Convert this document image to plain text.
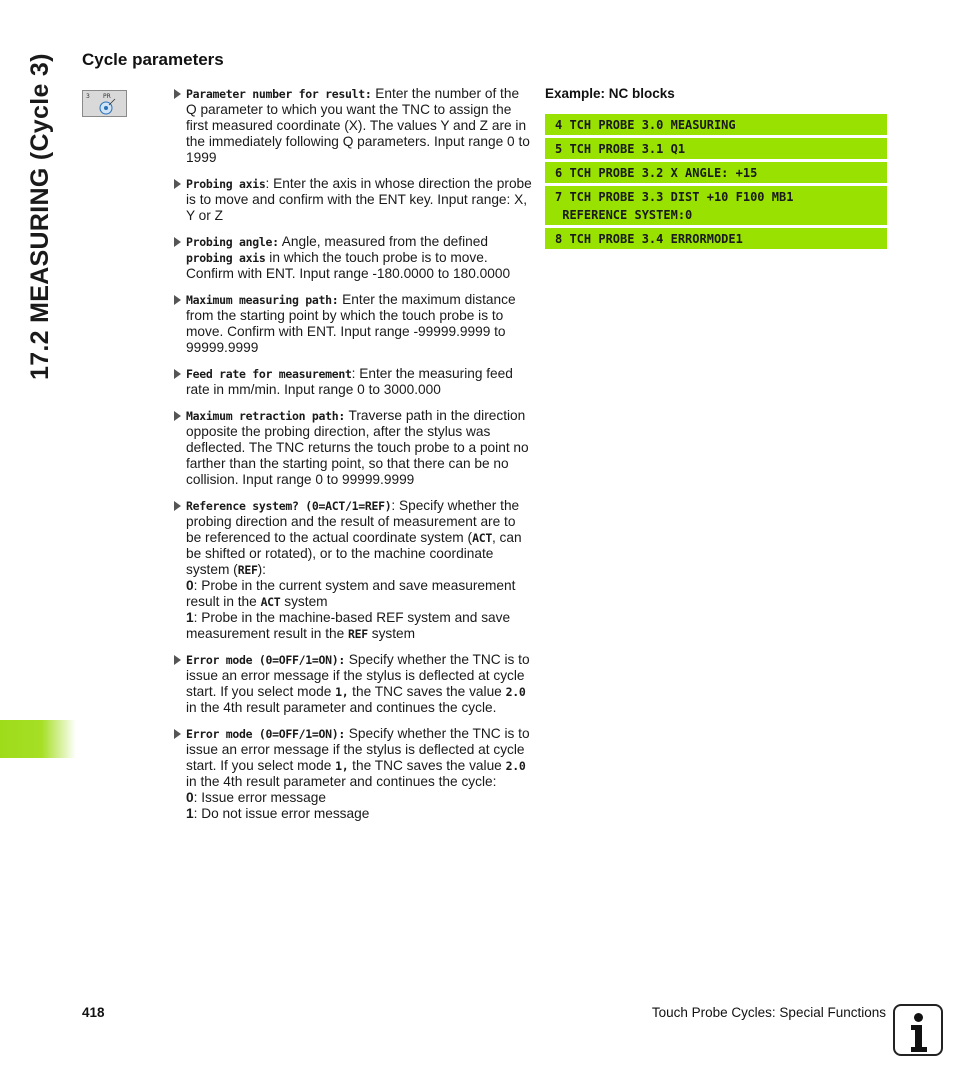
17.2 MEASURING (Cycle 3) Cycle parameters
3 PR	Parameter number for result: Enter the number of the Q parameter to which you want the TNC to assign the first measured coordinate (X). The values Y and Z are in the immediately following Q parameters. Input range 0 to 1999
Probing axis: Enter the axis in whose direction the probe is to move and confirm with the ENT key. Input range: X, Y or Z
Probing angle: Angle, measured from the defined probing axis in which the touch probe is to move. Confirm with ENT. Input range -180.0000 to 180.0000
Maximum measuring path: Enter the maximum distance from the starting point by which the touch probe is to move. Confirm with ENT. Input range -99999.9999 to 99999.9999
Feed rate for measurement: Enter the measuring feed rate in mm/min. Input range 0 to 3000.000
Maximum retraction path: Traverse path in the direction opposite the probing direction, after the stylus was deflected. The TNC returns the touch probe to a point no farther than the starting point, so that there can be no collision. Input range 0 to 99999.9999
Reference system? (0=ACT/1=REF): Specify whether the probing direction and the result of measurement are to be referenced to the actual coordinate system (ACT, can be shifted or rotated), or to the machine coordinate system (REF):
0: Probe in the current system and save measurement result in the ACT system
1: Probe in the machine-based REF system and save measurement result in the REF system
Error mode (0=OFF/1=ON): Specify whether the TNC is to issue an error message if the stylus is deflected at cycle start. If you select mode 1, the TNC saves the value 2.0 in the 4th result parameter and continues the cycle.
Error mode (0=OFF/1=ON): Specify whether the TNC is to issue an error message if the stylus is deflected at cycle start. If you select mode 1, the TNC saves the value 2.0 in the 4th result parameter and continues the cycle:
0: Issue error message
1: Do not issue error message
Example: NC blocks
4 TCH PROBE 3.0 MEASURING
5 TCH PROBE 3.1 Q1
6 TCH PROBE 3.2 X ANGLE: +15
7 TCH PROBE 3.3 DIST +10 F100 MB1
REFERENCE SYSTEM:0
8 TCH PROBE 3.4 ERRORMODE1
418	Touch Probe Cycles: Special Functions
